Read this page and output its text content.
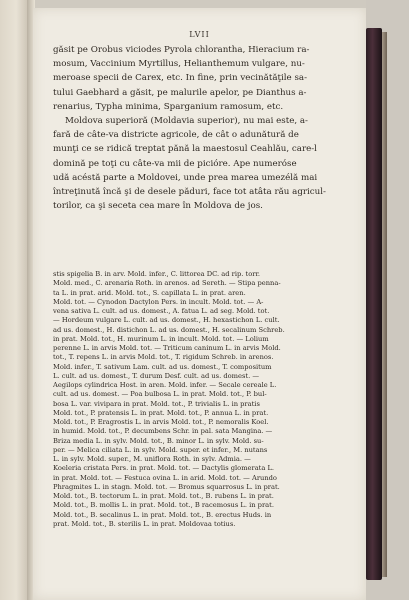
LVII
găsit pe Orobus viciodes Pyrola chlorantha, Hieracium ra-
mosum, Vaccinium Myrtillus, Helianthemum vulgare, nu-
meroase specii de Carex, etc. In fine, prin vecinătăţile sa-
tului Gaebhard a găsit, pe malurile apelor, pe Dianthus a-
renarius, Typha minima, Sparganium ramosum, etc.
Moldova superioră (Moldavia superior), nu mai este, a-
fară de câte-va districte agricole, de cât o adunătură de
munţi ce se ridică treptat pănă la maestosul Ceahlău, care-l
domină pe toţi cu câte-va mii de picióre. Ape numeróse
udă acéstă parte a Moldovei, unde prea marea umezélă mai
întreţinută încă şi de desele păduri, face tot atâta rău agricul-
torilor, ca şi seceta cea mare în Moldova de jos.
stis spigelia B. in arv. Mold. infer., C. littorea DC. ad rip. torr.
Mold. med., C. arenaria Roth. in arenos. ad Sereth. — Stipa penna-
ta L. in prat. arid. Mold. tot., S. capillata L. in prat. aren.
Mold. tot. — Cynodon Dactylon Pers. in incult. Mold. tot. — A-
vena sativa L. cult. ad us. domest., A. fatua L. ad seg. Mold. tot.
— Hordeum vulgare L. cult. ad us. domest., H. hexastichon L. cult.
ad us. domest., H. distichon L. ad us. domest., H. secalinum Schreb.
in prat. Mold. tot., H. murinum L. in incult. Mold. tot. — Lolium
perenne L. in arvis Mold. tot. — Triticum caninum L. in arvis Mold.
tot., T. repens L. in arvis Mold. tot., T. rigidum Schreb. in arenos.
Mold. infer., T. sativum Lam. cult. ad us. domest., T. compositum
L. cult. ad us. domest., T. durum Desf. cult. ad us. domest. —
Aegilops cylindrica Host. in aren. Mold. infer. — Secale cereale L.
cult. ad us. domest. — Poa bulbosa L. in prat. Mold. tot., P. bul-
bosa L. var. vivipara in prat. Mold. tot., P. trivialis L. in pratis
Mold. tot., P. pratensis L. in prat. Mold. tot., P. annua L. in prat.
Mold. tot., P. Eragrostis L. in arvis Mold. tot., P. nemoralis Koel.
in humid. Mold. tot., P. decumbens Schr. in pal. sata Mangina. —
Briza media L. in sylv. Mold. tot., B. minor L. in sylv. Mold. su-
per. — Melica ciliata L. in sylv. Mold. super. et infer., M. nutans
L. in sylv. Mold. super., M. uniflora Roth. in sylv. Admia. —
Koeleria cristata Pers. in prat. Mold. tot. — Dactylis glomerata L.
in prat. Mold. tot. — Festuca ovina L. in arid. Mold. tot. — Arundo
Phragmites L. in stagn. Mold. tot. — Bromus squarrosus L. in prat.
Mold. tot., B. tectorum L. in prat. Mold. tot., B. rubens L. in prat.
Mold. tot., B. mollis L. in prat. Mold. tot., B racemosus L. in prat.
Mold. tot., B. secalinus L. in prat. Mold. tot., B. erectus Huds. in
prat. Mold. tot., B. sterilis L. in prat. Moldovaa totius.
